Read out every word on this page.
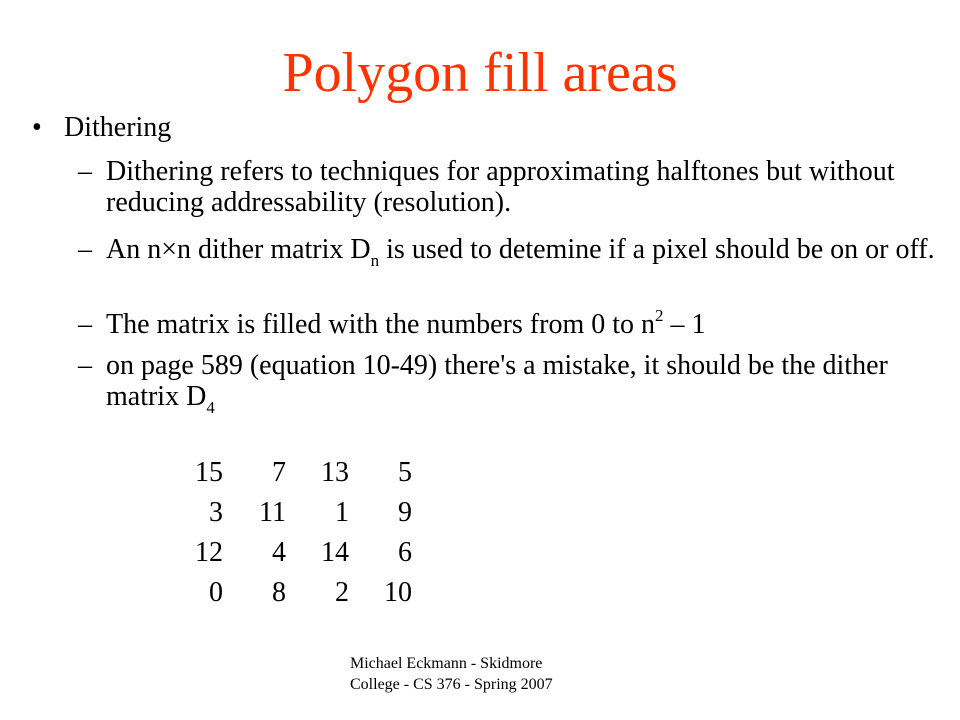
Polygon fill areas
• Dithering
– Dithering refers to techniques for approximating halftones but without reducing addressability (resolution).
– An n×n dither matrix $D_n$ is used to detemine if a pixel should be on or off.
– The matrix is filled with the numbers from 0 to $n^2 - 1$
– on page 589 (equation 10-49) there's a mistake, it should be the dither matrix $D_4$
15	7	13	5
3	11	1	9
12	4	14	6
0	8	2	10
Michael Eckmann - Skidmore
College - CS 376 - Spring 2007
